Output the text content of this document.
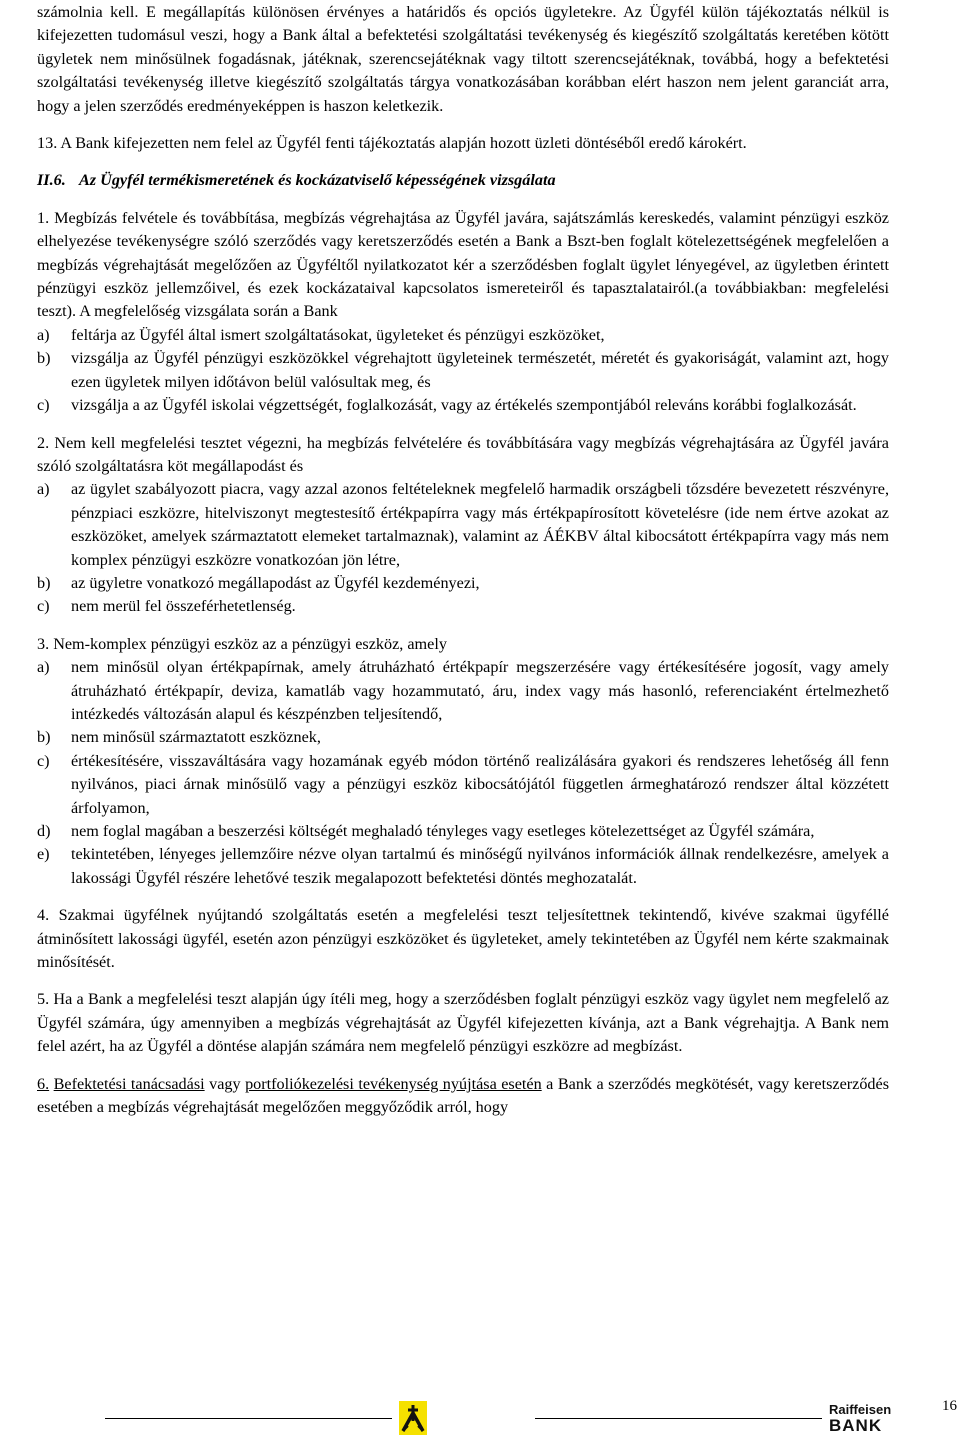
számolnia kell. E megállapítás különösen érvényes a határidős és opciós ügyletekre. Az Ügyfél külön tájékoztatás nélkül is kifejezetten tudomásul veszi, hogy a Bank által a befektetési szolgáltatási tevékenység és kiegészítő szolgáltatás keretében kötött ügyletek nem minősülnek fogadásnak, játéknak, szerencsejátéknak vagy tiltott szerencsejátéknak, továbbá, hogy a befektetési szolgáltatási tevékenység illetve kiegészítő szolgáltatás tárgya vonatkozásában korábban elért haszon nem jelent garanciát arra, hogy a jelen szerződés eredményeképpen is haszon keletkezik.

13. A Bank kifejezetten nem felel az Ügyfél fenti tájékoztatás alapján hozott üzleti döntéséből eredő károkért.

II.6. Az Ügyfél termékismeretének és kockázatviselő képességének vizsgálata

1. Megbízás felvétele és továbbítása, megbízás végrehajtása az Ügyfél javára, sajátszámlás kereskedés, valamint pénzügyi eszköz elhelyezése tevékenységre szóló szerződés vagy keretszerződés esetén a Bank a Bszt-ben foglalt kötelezettségének megfelelően a megbízás végrehajtását megelőzően az Ügyféltől nyilatkozatot kér a szerződésben foglalt ügylet lényegével, az ügyletben érintett pénzügyi eszköz jellemzőivel, és ezek kockázataival kapcsolatos ismereteiről és tapasztalatairól.(a továbbiakban: megfelelési teszt). A megfelelőség vizsgálata során a Bank

a)	feltárja az Ügyfél által ismert szolgáltatásokat, ügyleteket és pénzügyi eszközöket,
b)	vizsgálja az Ügyfél pénzügyi eszközökkel végrehajtott ügyleteinek természetét, méretét és gyakoriságát, valamint azt, hogy ezen ügyletek milyen időtávon belül valósultak meg, és
c)	vizsgálja a az Ügyfél iskolai végzettségét, foglalkozását, vagy az értékelés szempontjából releváns korábbi foglalkozását.

2. Nem kell megfelelési tesztet végezni, ha megbízás felvételére és továbbítására vagy megbízás végrehajtására az Ügyfél javára szóló szolgáltatásra köt megállapodást és

a)	az ügylet szabályozott piacra, vagy azzal azonos feltételeknek megfelelő harmadik országbeli tőzsdére bevezetett részvényre, pénzpiaci eszközre, hitelviszonyt megtestesítő értékpapírra vagy más értékpapírosított követelésre (ide nem értve azokat az eszközöket, amelyek származtatott elemeket tartalmaznak), valamint az ÁÉKBV által kibocsátott értékpapírra vagy más nem komplex pénzügyi eszközre vonatkozóan jön létre,
b)	az ügyletre vonatkozó megállapodást az Ügyfél kezdeményezi,
c)	nem merül fel összeférhetetlenség.

3. Nem-komplex pénzügyi eszköz az a pénzügyi eszköz, amely

a)	nem minősül olyan értékpapírnak, amely átruházható értékpapír megszerzésére vagy értékesítésére jogosít, vagy amely átruházható értékpapír, deviza, kamatláb vagy hozammutató, áru, index vagy más hasonló, referenciaként értelmezhető intézkedés változásán alapul és készpénzben teljesítendő,
b)	nem minősül származtatott eszköznek,
c)	értékesítésére, visszaváltására vagy hozamának egyéb módon történő realizálására gyakori és rendszeres lehetőség áll fenn nyilvános, piaci árnak minősülő vagy a pénzügyi eszköz kibocsátójától független ármeghatározó rendszer által közzétett árfolyamon,
d)	nem foglal magában a beszerzési költségét meghaladó tényleges vagy esetleges kötelezettséget az Ügyfél számára,
e)	tekintetében, lényeges jellemzőire nézve olyan tartalmú és minőségű nyilvános információk állnak rendelkezésre, amelyek a lakossági Ügyfél részére lehetővé teszik megalapozott befektetési döntés meghozatalát.

4. Szakmai ügyfélnek nyújtandó szolgáltatás esetén a megfelelési teszt teljesítettnek tekintendő, kivéve szakmai ügyféllé átminősített lakossági ügyfél, esetén azon pénzügyi eszközöket és ügyleteket, amely tekintetében az Ügyfél nem kérte szakmainak minősítését.

5. Ha a Bank a megfelelési teszt alapján úgy ítéli meg, hogy a szerződésben foglalt pénzügyi eszköz vagy ügylet nem megfelelő az Ügyfél számára, úgy amennyiben a megbízás végrehajtását az Ügyfél kifejezetten kívánja, azt a Bank végrehajtja. A Bank nem felel azért, ha az Ügyfél a döntése alapján számára nem megfelelő pénzügyi eszközre ad megbízást.

6. Befektetési tanácsadási vagy portfoliókezelési tevékenység nyújtása esetén a Bank a szerződés megkötését, vagy keretszerződés esetében a megbízás végrehajtását megelőzően meggyőződik arról, hogy

Raiffeisen
BANK
16
